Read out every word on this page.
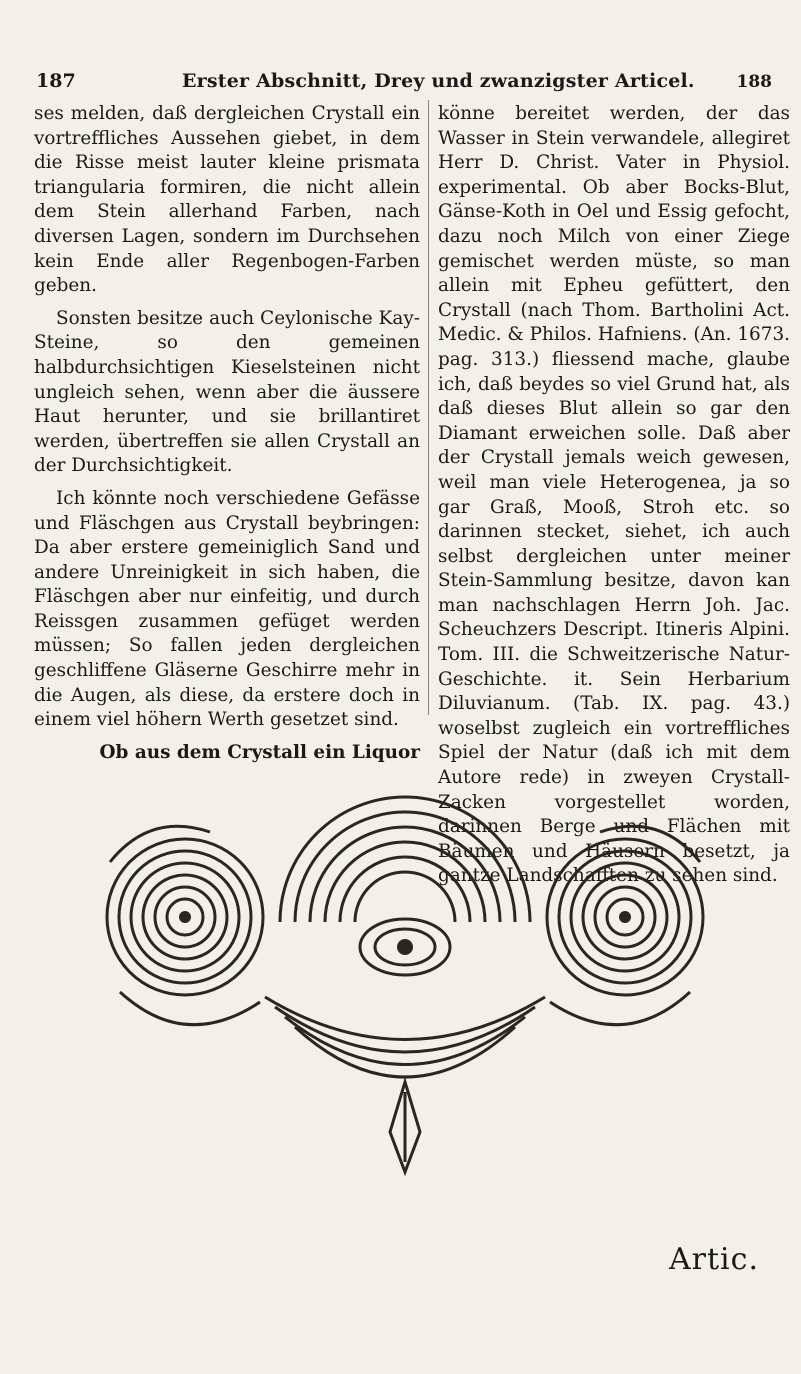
187	Erster Abschnitt, Drey und zwanzigster Articel. 188

ses melden, daß dergleichen Crystall ein vortreffliches Aussehen giebet, in dem die Risse meist lauter kleine prismata triangularia formiren, die nicht allein dem Stein allerhand Farben, nach diversen Lagen, sondern im Durchsehen kein Ende aller Regenbogen-Farben geben.

Sonsten besitze auch Ceylonische Kay-Steine, so den gemeinen halbdurchsichtigen Kieselsteinen nicht ungleich sehen, wenn aber die äussere Haut herunter, und sie brillantiret werden, übertreffen sie allen Crystall an der Durchsichtigkeit.

Ich könnte noch verschiedene Gefässe und Fläschgen aus Crystall beybringen: Da aber erstere gemeiniglich Sand und andere Unreinigkeit in sich haben, die Fläschgen aber nur einfeitig, und durch Reissgen zusammen gefüget werden müssen; So fallen jeden dergleichen geschliffene Gläserne Geschirre mehr in die Augen, als diese, da erstere doch in einem viel höhern Werth gesetzet sind.

Ob aus dem Crystall ein Liquor

könne bereitet werden, der das Wasser in Stein verwandele, allegiret Herr D. Christ. Vater in Physiol. experimental. Ob aber Bocks-Blut, Gänse-Koth in Oel und Essig gefocht, dazu noch Milch von einer Ziege gemischet werden müste, so man allein mit Epheu gefüttert, den Crystall (nach Thom. Bartholini Act. Medic. & Philos. Hafniens. (An. 1673. pag. 313.) fliessend mache, glaube ich, daß beydes so viel Grund hat, als daß dieses Blut allein so gar den Diamant erweichen solle. Daß aber der Crystall jemals weich gewesen, weil man viele Heterogenea, ja so gar Graß, Mooß, Stroh etc. so darinnen stecket, siehet, ich auch selbst dergleichen unter meiner Stein-Sammlung besitze, davon kan man nachschlagen Herrn Joh. Jac. Scheuchzers Descript. Itineris Alpini. Tom. III. die Schweitzerische Natur-Geschichte. it. Sein Herbarium Diluvianum. (Tab. IX. pag. 43.) woselbst zugleich ein vortreffliches Spiel der Natur (daß ich mit dem Autore rede) in zweyen Crystall-Zacken vorgestellet worden, darinnen Berge und Flächen mit Bäumen und Häusern besetzt, ja gantze Landschafften zu sehen sind.

Artic.
